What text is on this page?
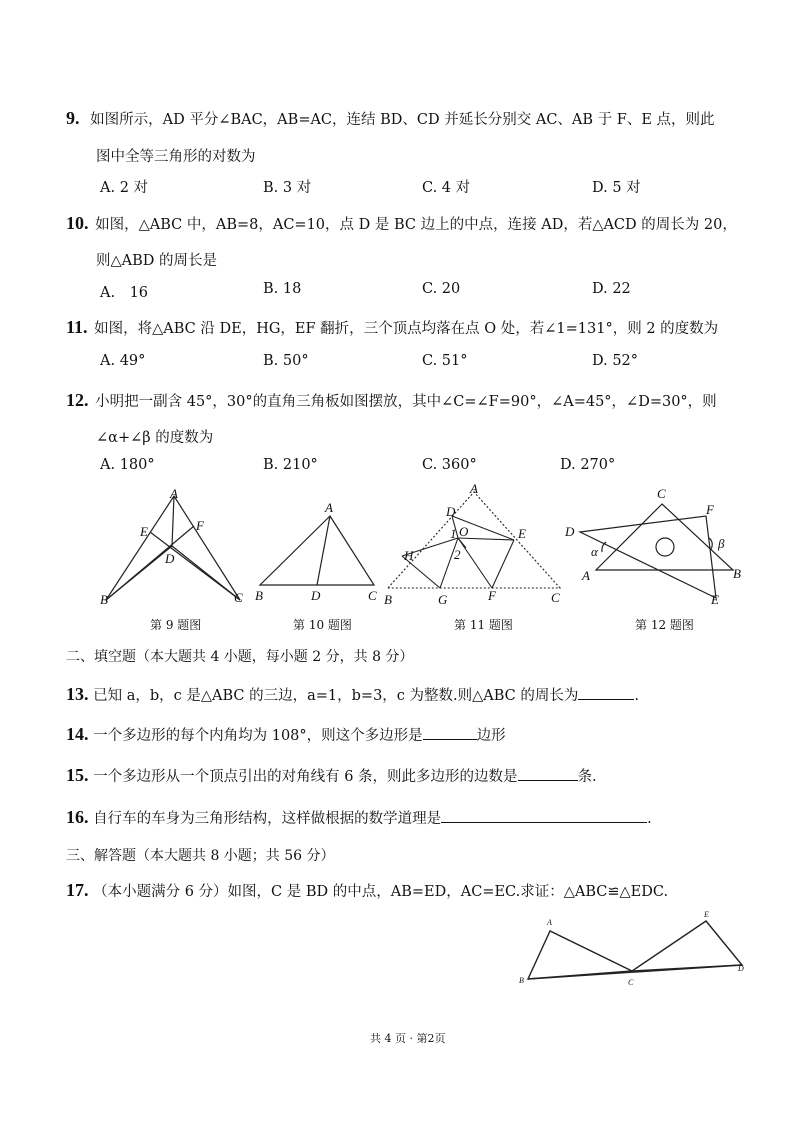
9. 如图所示，AD 平分∠BAC，AB=AC，连结 BD、CD 并延长分别交 AC、AB 于 F、E 点，则此
图中全等三角形的对数为
A. 2 对	B. 3 对	C. 4 对	D. 5 对
10. 如图，△ABC 中，AB=8，AC=10，点 D 是 BC 边上的中点，连接 AD，若△ACD 的周长为 20，
则△ABD 的周长是
A.　16	B. 18	C. 20	D. 22
11. 如图，将△ABC 沿 DE，HG，EF 翻折，三个顶点均落在点 O 处，若∠1=131°，则 2 的度数为
A. 49°	B. 50°	C. 51°	D. 52°
12. 小明把一副含 45°，30°的直角三角板如图摆放，其中∠C=∠F=90°，∠A=45°，∠D=30°，则
∠α+∠β 的度数为
A. 180°	B. 210°	C. 360°	D. 270°
A
E	F
D
B	C
A
B	D	C
A
D
1 O	E
H	2
B	G	F	C
C
F
D
α
β
A	B
E
第 9 题图	第 10 题图	第 11 题图	第 12 题图
二、填空题（本大题共 4 小题，每小题 2 分，共 8 分）
13. 已知 a，b，c 是△ABC 的三边，a=1，b=3，c 为整数.则△ABC 的周长为	.
14. 一个多边形的每个内角均为 108°，则这个多边形是	边形
15. 一个多边形从一个顶点引出的对角线有 6 条，则此多边形的边数是	条.
16. 自行车的车身为三角形结构，这样做根据的数学道理是	.
三、解答题（本大题共 8 小题；共 56 分）
17. （本小题满分 6 分）如图，C 是 BD 的中点，AB=ED，AC=EC.求证：△ABC≌△EDC.
A
E
B	C
D
共 4 页 · 第2页
